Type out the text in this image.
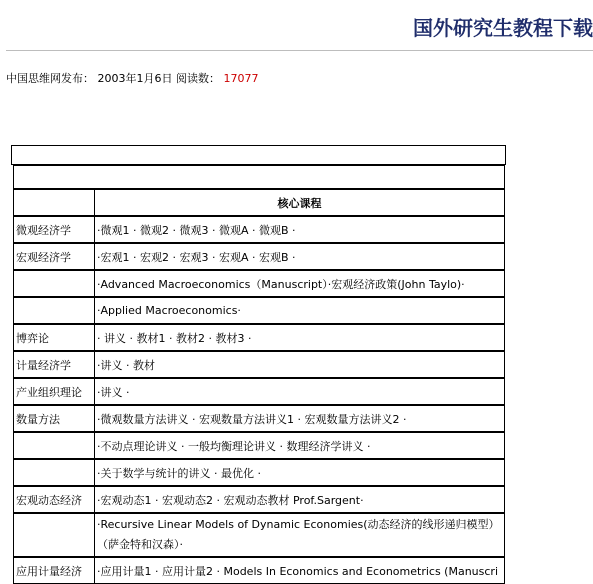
国外研究生教程下载
中国思维网发布： 2003年1月6日 阅读数： 17077

	核心课程
微观经济学	·微观1 · 微观2 · 微观3 · 微观A · 微观B ·
宏观经济学	·宏观1 · 宏观2 · 宏观3 · 宏观A · 宏观B ·
	·Advanced Macroeconomics（Manuscript）·宏观经济政策(John Taylo)·
	·Applied Macroeconomics·
博弈论	· 讲义 · 教材1 · 教材2 · 教材3 ·
计量经济学	·讲义 · 教材
产业组织理论	·讲义 ·
数量方法	·微观数量方法讲义 · 宏观数量方法讲义1 · 宏观数量方法讲义2 ·
	·不动点理论讲义 · 一般均衡理论讲义 · 数理经济学讲义 ·
	·关于数学与统计的讲义 · 最优化 ·
宏观动态经济	·宏观动态1 · 宏观动态2 · 宏观动态教材 Prof.Sargent·
	·Recursive Linear Models of Dynamic Economies(动态经济的线形递归模型）（萨金特和汉森）·
应用计量经济	·应用计量1 · 应用计量2 · Models In Economics and Econometrics (Manuscri
